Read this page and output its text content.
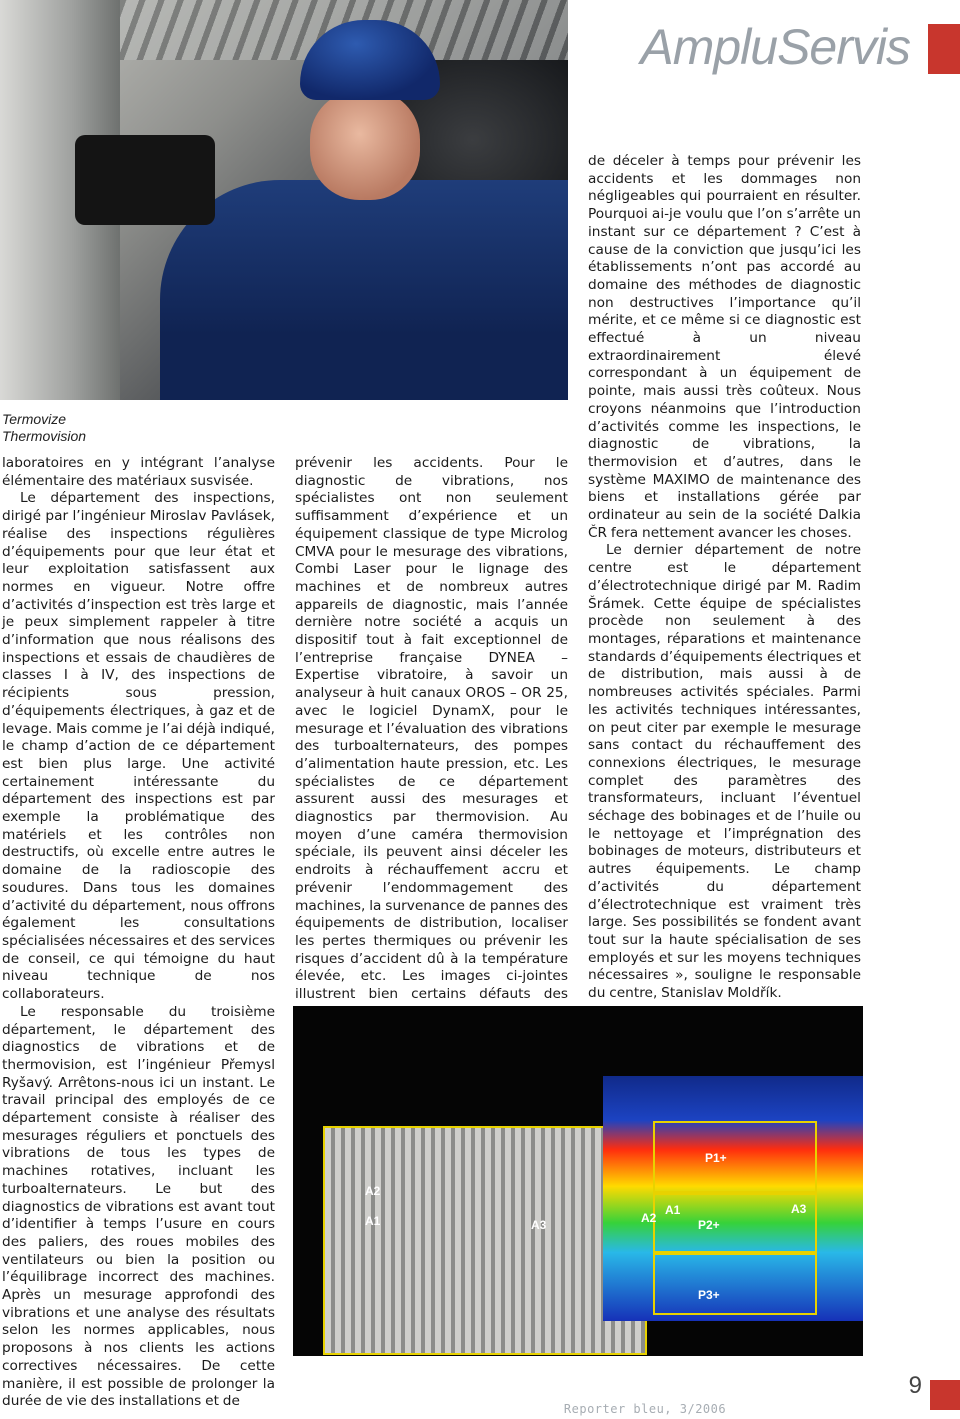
AmpluServis
Termovize
Thermovision

laboratoires en y intégrant l’analyse élémentaire des matériaux susvisée.

Le département des inspections, dirigé par l’ingénieur Miroslav Pavlásek, réalise des inspections régulières d’équipements pour que leur état et leur exploitation satisfassent aux normes en vigueur. Notre offre d’activités d’inspection est très large et je peux simplement rappeler à titre d’information que nous réalisons des inspections et essais de chaudières de classes I à IV, des inspections de récipients sous pression, d’équipements électriques, à gaz et de levage. Mais comme je l’ai déjà indiqué, le champ d’action de ce département est bien plus large. Une activité certainement intéressante du département des inspections est par exemple la problématique des matériels et les contrôles non destructifs, où excelle entre autres le domaine de la radioscopie des soudures. Dans tous les domaines d’activité du département, nous offrons également les consultations spécialisées nécessaires et des services de conseil, ce qui témoigne du haut niveau technique de nos collaborateurs.

Le responsable du troisième département, le département des diagnostics de vibrations et de thermovision, est l’ingénieur Přemysl Ryšavý. Arrêtons-nous ici un instant. Le travail principal des employés de ce département consiste à réaliser des mesurages réguliers et ponctuels des vibrations de tous les types de machines rotatives, incluant les turboalternateurs. Le but des diagnostics de vibrations est avant tout d’identifier à temps l’usure en cours des paliers, des roues mobiles des ventilateurs ou bien la position ou l’équilibrage incorrect des machines. Après un mesurage approfondi des vibrations et une analyse des résultats selon les normes applicables, nous proposons à nos clients les actions correctives nécessaires. De cette manière, il est possible de prolonger la durée de vie des installations et de

prévenir les accidents. Pour le diagnostic de vibrations, nos spécialistes ont non seulement suffisamment d’expérience et un équipement classique de type Microlog CMVA pour le mesurage des vibrations, Combi Laser pour le lignage des machines et de nombreux autres appareils de diagnostic, mais l’année dernière notre société a acquis un dispositif tout à fait exceptionnel de l’entreprise française DYNEA – Expertise vibratoire, à savoir un analyseur à huit canaux OROS – OR 25, avec le logiciel DynamX, pour le mesurage et l’évaluation des vibrations des turboalternateurs, des pompes d’alimentation haute pression, etc. Les spécialistes de ce département assurent aussi des mesurages et diagnostics par thermovision. Au moyen d’une caméra thermovision spéciale, ils peuvent ainsi déceler les endroits à réchauffement accru et prévenir l’endommagement des machines, la survenance de pannes des équipements de distribution, localiser les pertes thermiques ou prévenir les risques d’accident dû à la température élevée, etc. Les images ci-jointes illustrent bien certains défauts des

de déceler à temps pour prévenir les accidents et les dommages non négligeables qui pourraient en résulter. Pourquoi ai-je voulu que l’on s’arrête un instant sur ce département ? C’est à cause de la conviction que jusqu’ici les établissements n’ont pas accordé au domaine des méthodes de diagnostic non destructives l’importance qu’il mérite, et ce même si ce diagnostic est effectué à un niveau extraordinairement élevé correspondant à un équipement de pointe, mais aussi très coûteux. Nous croyons néanmoins que l’introduction d’activités comme les inspections, le diagnostic de vibrations, la thermovision et d’autres, dans le système MAXIMO de maintenance des biens et installations gérée par ordinateur au sein de la société Dalkia ČR fera nettement avancer les choses.

Le dernier département de notre centre est le département d’électrotechnique dirigé par M. Radim Šrámek. Cette équipe de spécialistes procède non seulement à des montages, réparations et maintenance standards d’équipements électriques et de distribution, mais aussi à de nombreuses activités spéciales. Parmi les activités techniques intéressantes, on peut citer par exemple le mesurage sans contact du réchauffement des connexions électriques, le mesurage complet des paramètres des transformateurs, incluant l’éventuel séchage des bobinages et de l’huile ou le nettoyage et l’imprégnation des bobinages de moteurs, distributeurs et autres équipements. Le champ d’activités du département d’électrotechnique est vraiment très large. Ses possibilités se fondent avant tout sur la haute spécialisation de ses employés et sur les moyens techniques nécessaires », souligne le responsable du centre, Stanislav Moldřík.

A2
A1	A3	A2
A1	A3
P1+
P2+
P3+
Reporter bleu, 3/2006
9
